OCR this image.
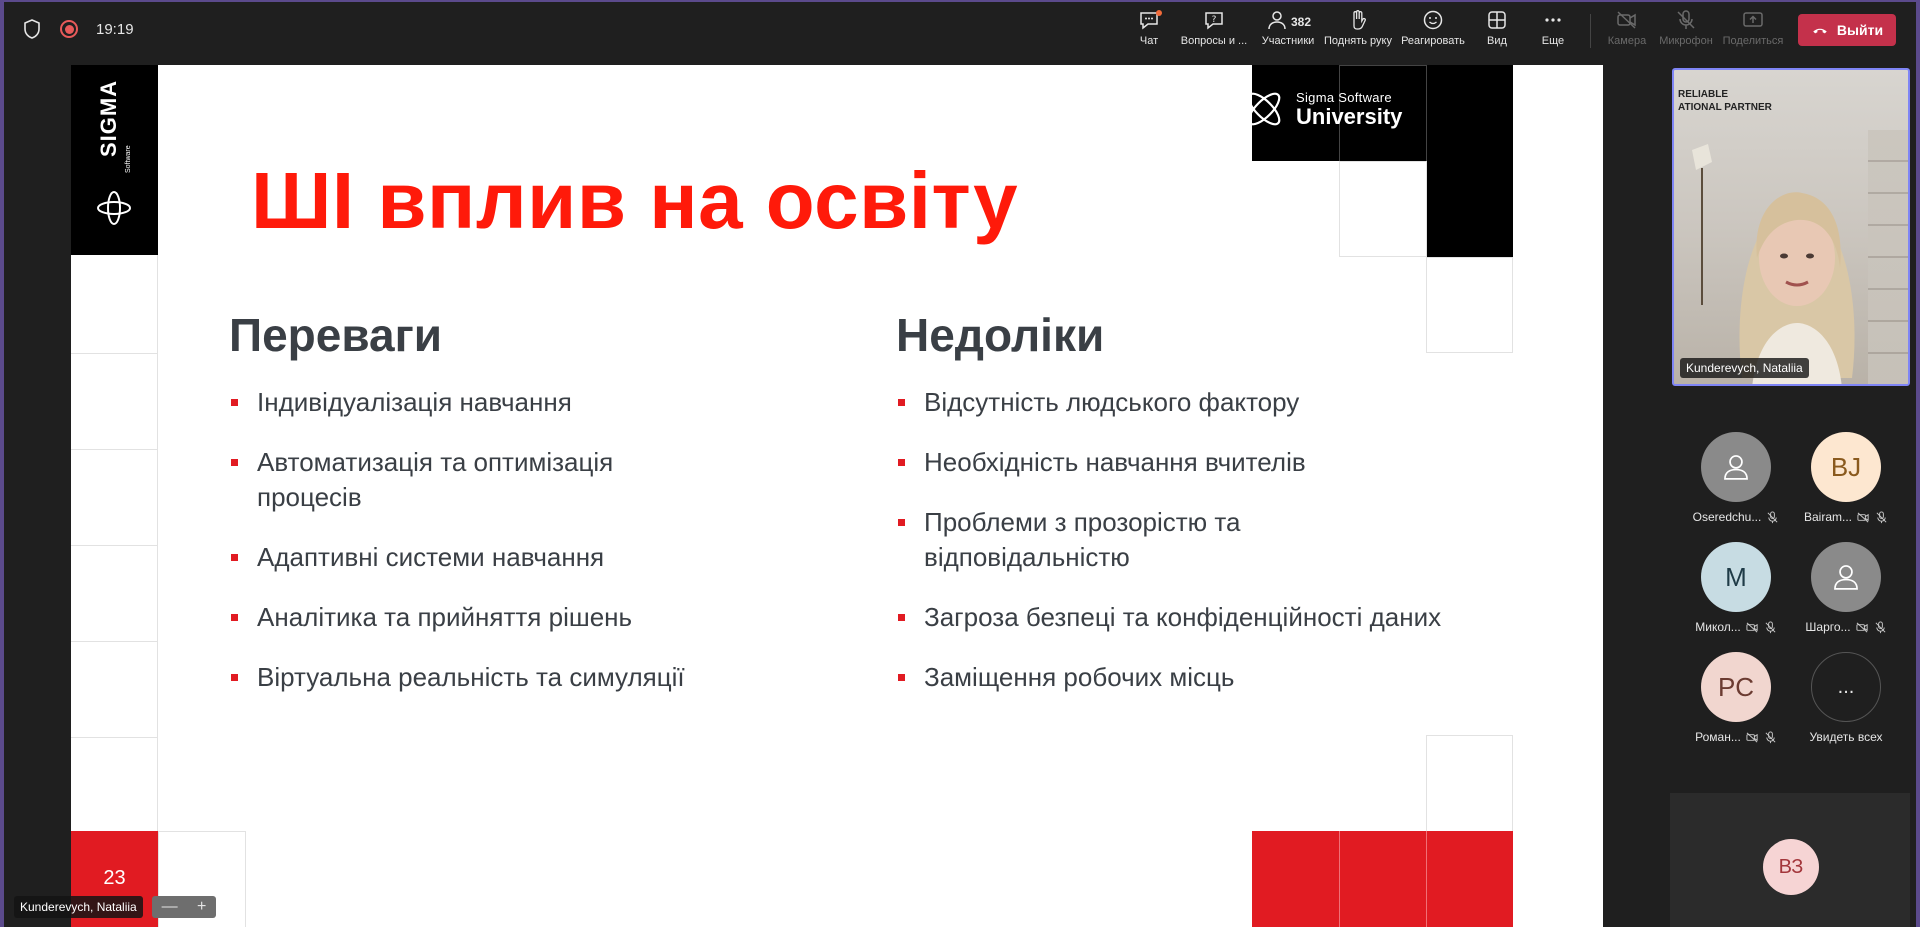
19:19
Чат
?
Вопросы и ...
382
Участники Поднять руку Реагировать Вид	Еще	Камера Микрофон Поделиться
Выйти
SIGMA
Software
23
Sigma Software
University
ШІ вплив на освіту
Переваги
Індивідуалізація навчання
Автоматизація та оптимізація процесів
Адаптивні системи навчання
Аналітика та прийняття рішень
Віртуальна реальність та симуляції
Недоліки
Відсутність людського фактору
Необхідність навчання вчителів
Проблеми з прозорістю та відповідальністю
Загроза безпеці та конфіденційності даних
Заміщення робочих місць
Kunderevych, Nataliia	— +
RELIABLE
ATIONAL PARTNER
Kunderevych, Nataliia
Oseredchu...
BJ
Bairam...
M
Микол...	Шарго...
PC
Роман...
...
Увидеть всех
ВЗ
